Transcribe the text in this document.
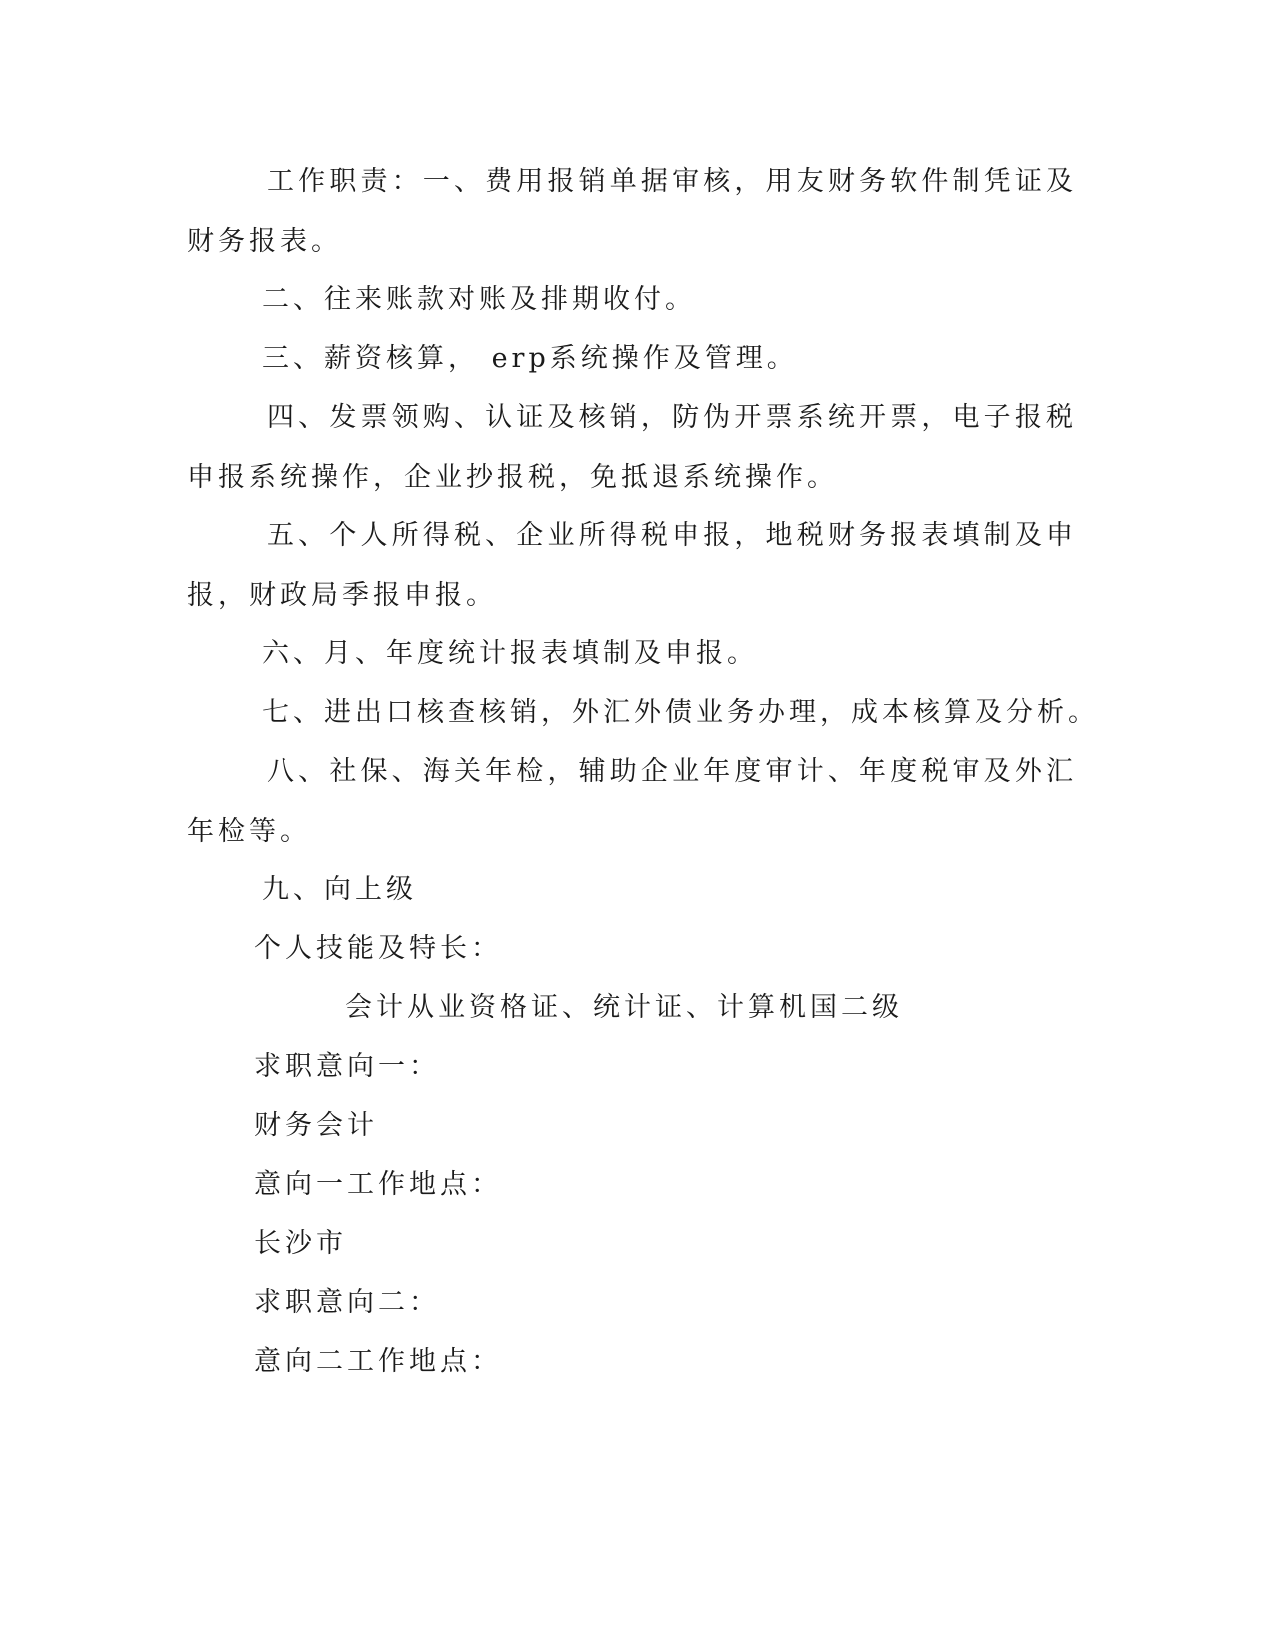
工作职责：一、费用报销单据审核，用友财务软件制凭证及财务报表。
二、往来账款对账及排期收付。
三、薪资核算， erp系统操作及管理。
四、发票领购、认证及核销，防伪开票系统开票，电子报税申报系统操作，企业抄报税，免抵退系统操作。
五、个人所得税、企业所得税申报，地税财务报表填制及申报，财政局季报申报。
六、月、年度统计报表填制及申报。
七、进出口核查核销，外汇外债业务办理，成本核算及分析。
八、社保、海关年检，辅助企业年度审计、年度税审及外汇年检等。
九、向上级
个人技能及特长：
会计从业资格证、统计证、计算机国二级
求职意向一：
财务会计
意向一工作地点：
长沙市
求职意向二：
意向二工作地点：
